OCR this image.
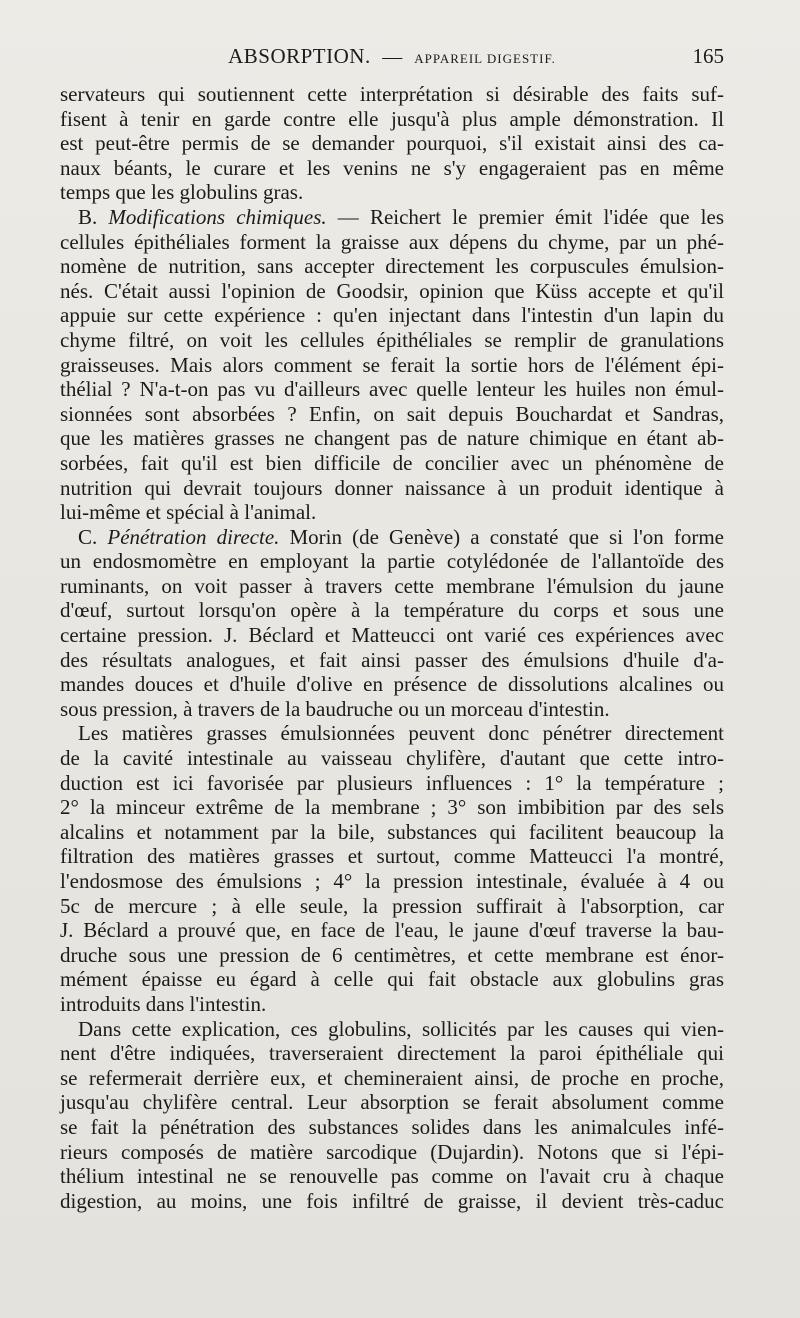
ABSORPTION. — APPAREIL DIGESTIF.	165
servateurs qui soutiennent cette interprétation si désirable des faits suf-
fisent à tenir en garde contre elle jusqu'à plus ample démonstration. Il
est peut-être permis de se demander pourquoi, s'il existait ainsi des ca-
naux béants, le curare et les venins ne s'y engageraient pas en même
temps que les globulins gras.
B. Modifications chimiques. — Reichert le premier émit l'idée que les
cellules épithéliales forment la graisse aux dépens du chyme, par un phé-
nomène de nutrition, sans accepter directement les corpuscules émulsion-
nés. C'était aussi l'opinion de Goodsir, opinion que Küss accepte et qu'il
appuie sur cette expérience : qu'en injectant dans l'intestin d'un lapin du
chyme filtré, on voit les cellules épithéliales se remplir de granulations
graisseuses. Mais alors comment se ferait la sortie hors de l'élément épi-
thélial ? N'a-t-on pas vu d'ailleurs avec quelle lenteur les huiles non émul-
sionnées sont absorbées ? Enfin, on sait depuis Bouchardat et Sandras,
que les matières grasses ne changent pas de nature chimique en étant ab-
sorbées, fait qu'il est bien difficile de concilier avec un phénomène de
nutrition qui devrait toujours donner naissance à un produit identique à
lui-même et spécial à l'animal.
C. Pénétration directe. Morin (de Genève) a constaté que si l'on forme
un endosmomètre en employant la partie cotylédonée de l'allantoïde des
ruminants, on voit passer à travers cette membrane l'émulsion du jaune
d'œuf, surtout lorsqu'on opère à la température du corps et sous une
certaine pression. J. Béclard et Matteucci ont varié ces expériences avec
des résultats analogues, et fait ainsi passer des émulsions d'huile d'a-
mandes douces et d'huile d'olive en présence de dissolutions alcalines ou
sous pression, à travers de la baudruche ou un morceau d'intestin.
Les matières grasses émulsionnées peuvent donc pénétrer directement
de la cavité intestinale au vaisseau chylifère, d'autant que cette intro-
duction est ici favorisée par plusieurs influences : 1° la température ;
2° la minceur extrême de la membrane ; 3° son imbibition par des sels
alcalins et notamment par la bile, substances qui facilitent beaucoup la
filtration des matières grasses et surtout, comme Matteucci l'a montré,
l'endosmose des émulsions ; 4° la pression intestinale, évaluée à 4 ou
5c de mercure ; à elle seule, la pression suffirait à l'absorption, car
J. Béclard a prouvé que, en face de l'eau, le jaune d'œuf traverse la bau-
druche sous une pression de 6 centimètres, et cette membrane est énor-
mément épaisse eu égard à celle qui fait obstacle aux globulins gras
introduits dans l'intestin.
Dans cette explication, ces globulins, sollicités par les causes qui vien-
nent d'être indiquées, traverseraient directement la paroi épithéliale qui
se refermerait derrière eux, et chemineraient ainsi, de proche en proche,
jusqu'au chylifère central. Leur absorption se ferait absolument comme
se fait la pénétration des substances solides dans les animalcules infé-
rieurs composés de matière sarcodique (Dujardin). Notons que si l'épi-
thélium intestinal ne se renouvelle pas comme on l'avait cru à chaque
digestion, au moins, une fois infiltré de graisse, il devient très-caduc
